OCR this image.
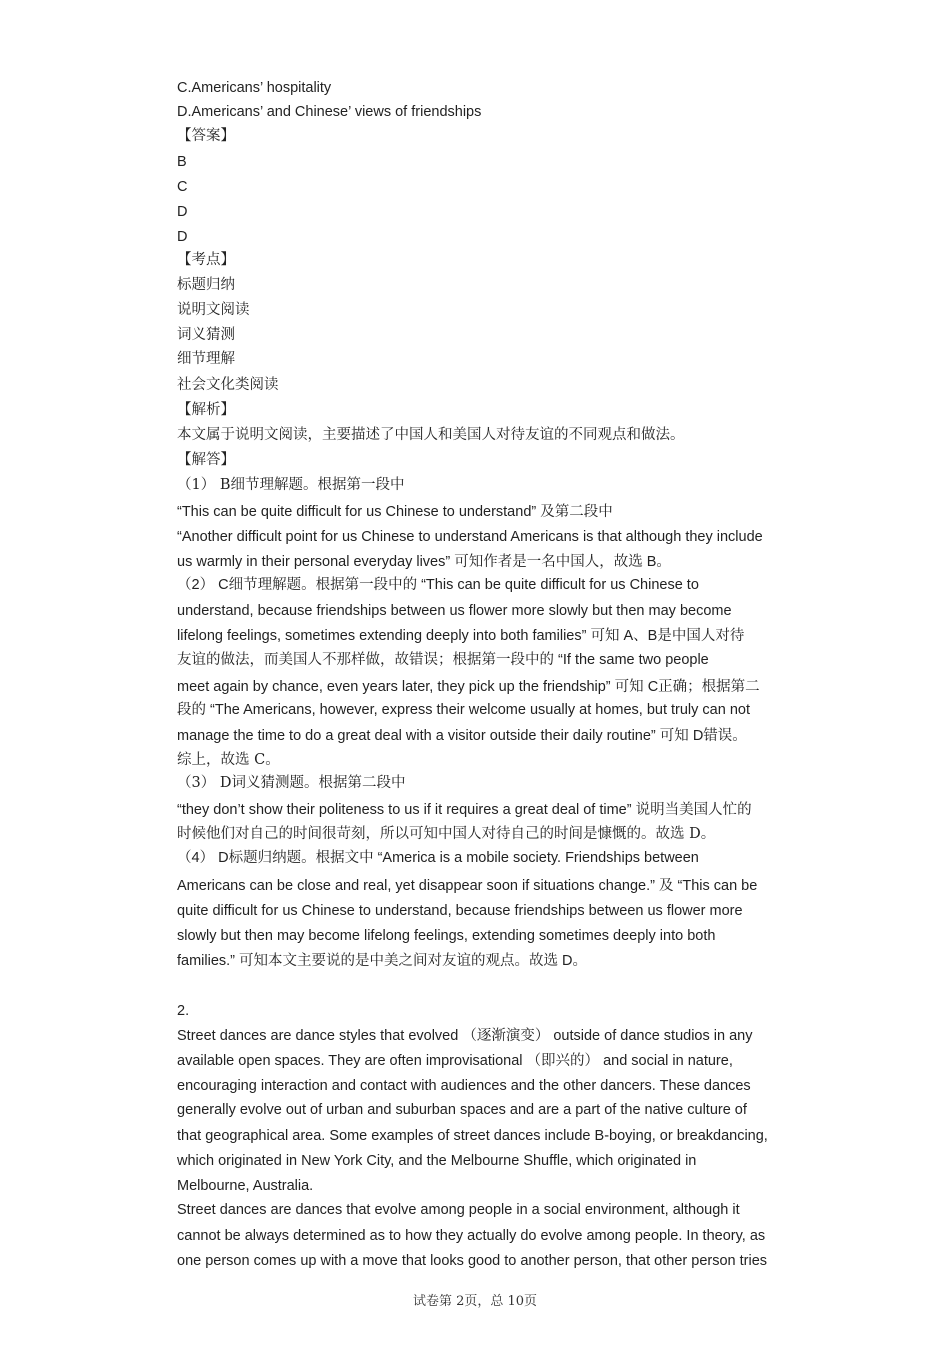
C.Americans’ hospitality
D.Americans’ and Chinese’ views of friendships
【答案】
B
C
D
D
【考点】
标题归纳
说明文阅读
词义猜测
细节理解
社会文化类阅读
【解析】
本文属于说明文阅读，主要描述了中国人和美国人对待友谊的不同观点和做法。
【解答】
（1） B细节理解题。根据第一段中
“This can be quite difficult for us Chinese to understand” 及第二段中
“Another difficult point for us Chinese to understand Americans is that although they include
us warmly in their personal everyday lives” 可知作者是一名中国人，故选 B。
（2） C细节理解题。根据第一段中的 “This can be quite difficult for us Chinese to
understand, because friendships between us flower more slowly but then may become
lifelong feelings, sometimes extending deeply into both families” 可知 A、B是中国人对待
友谊的做法，而美国人不那样做，故错误；根据第一段中的 “If the same two people
meet again by chance, even years later, they pick up the friendship” 可知 C正确；根据第二
段的 “The Americans, however, express their welcome usually at homes, but truly can not
manage the time to do a great deal with a visitor outside their daily routine” 可知 D错误。
综上，故选 C。
（3） D词义猜测题。根据第二段中
“they don’t show their politeness to us if it requires a great deal of time” 说明当美国人忙的
时候他们对自己的时间很苛刻，所以可知中国人对待自己的时间是慷慨的。故选 D。
（4） D标题归纳题。根据文中 “America is a mobile society. Friendships between
Americans can be close and real, yet disappear soon if situations change.” 及 “This can be
quite difficult for us Chinese to understand, because friendships between us flower more
slowly but then may become lifelong feelings, extending sometimes deeply into both
families.” 可知本文主要说的是中美之间对友谊的观点。故选 D。
2.
Street dances are dance styles that evolved （逐渐演变） outside of dance studios in any
available open spaces. They are often improvisational （即兴的） and social in nature,
encouraging interaction and contact with audiences and the other dancers. These dances
generally evolve out of urban and suburban spaces and are a part of the native culture of
that geographical area. Some examples of street dances include B-boying, or breakdancing,
which originated in New York City, and the Melbourne Shuffle, which originated in
Melbourne, Australia.
Street dances are dances that evolve among people in a social environment, although it
cannot be always determined as to how they actually do evolve among people. In theory, as
one person comes up with a move that looks good to another person, that other person tries
试卷第 2页，总 10页
